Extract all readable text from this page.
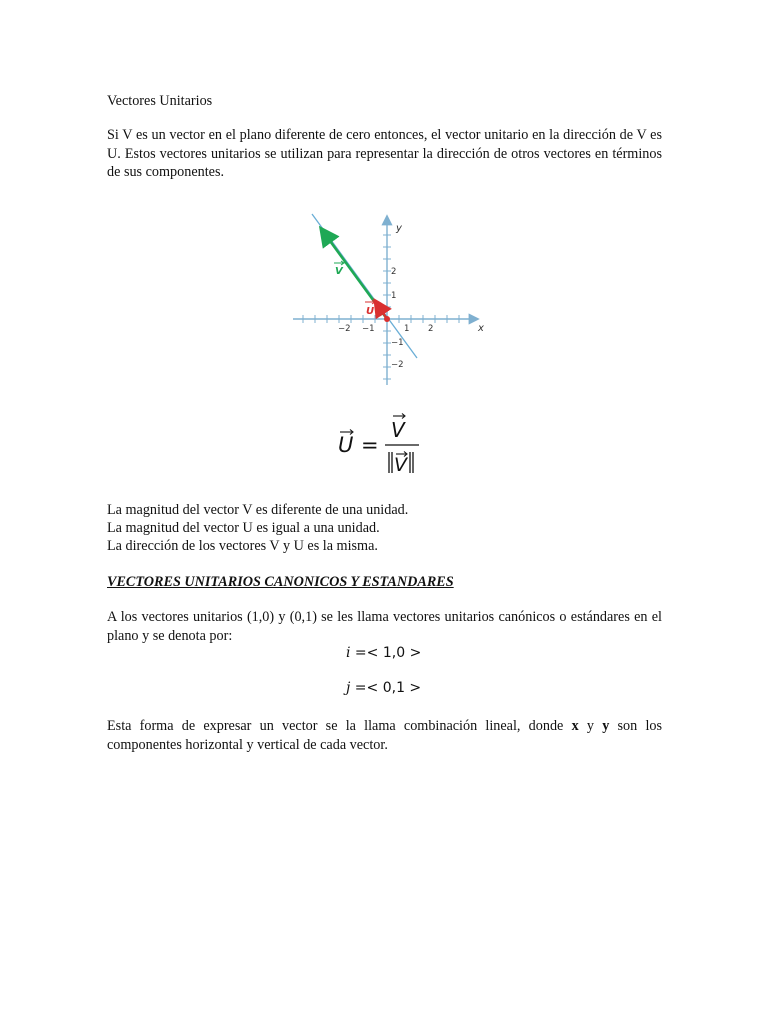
Vectores Unitarios

Si V es un vector en el plano diferente de cero entonces, el vector unitario en la dirección de V es U. Estos vectores unitarios se utilizan para representar la dirección de otros vectores en términos de sus componentes.

x
y
−2 −1	1 2
2
1
−1
−2
V
U
U =
V
V

La magnitud del vector V es diferente de una unidad.

La magnitud del vector U es igual a una unidad.

La dirección de los vectores V y U es la misma.

VECTORES UNITARIOS CANONICOS Y ESTANDARES

A los vectores unitarios (1,0) y (0,1) se les llama vectores unitarios canónicos o estándares en el plano y se denota por:

i =< 1,0 >
j =< 0,1 >

Esta forma de expresar un vector se la llama combinación lineal, donde x y y son los componentes horizontal y vertical de cada vector.
